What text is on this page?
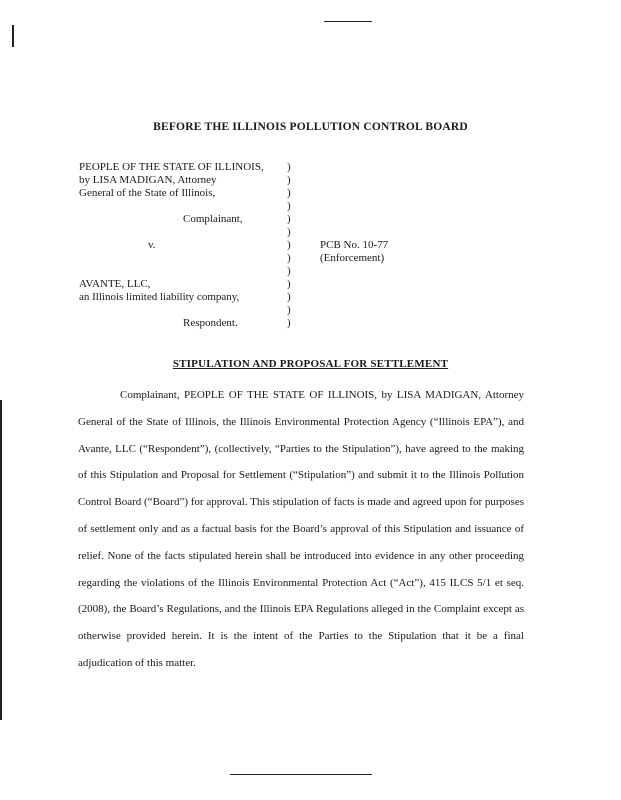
BEFORE THE ILLINOIS POLLUTION CONTROL BOARD
PEOPLE OF THE STATE OF ILLINOIS,
by LISA MADIGAN, Attorney
General of the State of Illinois,
Complainant,
v.	PCB No. 10-77
(Enforcement)
AVANTE, LLC,
an Illinois limited liability company,
Respondent.
)
)
)
)
)
)
)
)
)
)
)
)
)
STIPULATION AND PROPOSAL FOR SETTLEMENT

Complainant, PEOPLE OF THE STATE OF ILLINOIS, by LISA MADIGAN, Attorney General of the State of Illinois, the Illinois Environmental Protection Agency (“Illinois EPA”), and Avante, LLC (“Respondent”), (collectively, “Parties to the Stipulation”), have agreed to the making of this Stipulation and Proposal for Settlement (“Stipulation”) and submit it to the Illinois Pollution Control Board (“Board”) for approval. This stipulation of facts is made and agreed upon for purposes of settlement only and as a factual basis for the Board’s approval of this Stipulation and issuance of relief. None of the facts stipulated herein shall be introduced into evidence in any other proceeding regarding the violations of the Illinois Environmental Protection Act (“Act”), 415 ILCS 5/1 et seq. (2008), the Board’s Regulations, and the Illinois EPA Regulations alleged in the Complaint except as otherwise provided herein. It is the intent of the Parties to the Stipulation that it be a final adjudication of this matter.
